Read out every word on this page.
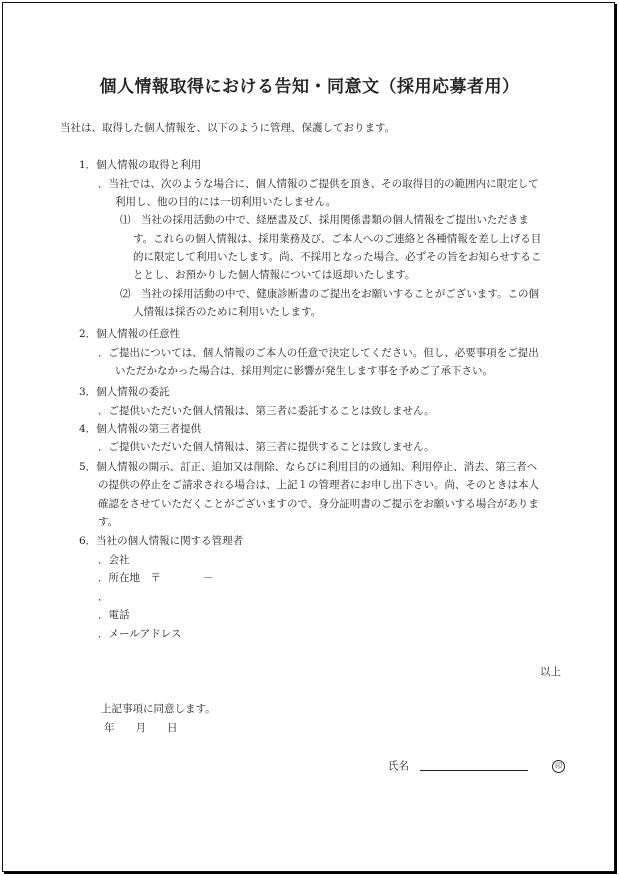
個人情報取得における告知・同意文（採用応募者用）
当社は、取得した個人情報を、以下のように管理、保護しております。
1．個人情報の取得と利用
．当社では、次のような場合に、個人情報のご提供を頂き、その取得目的の範囲内に限定して
利用し、他の目的には一切利用いたしません。
⑴　当社の採用活動の中で、経歴書及び、採用関係書類の個人情報をご提出いただきま
す。これらの個人情報は、採用業務及び、ご本人へのご連絡と各種情報を差し上げる目
的に限定して利用いたします。尚、不採用となった場合、必ずその旨をお知らせするこ
ととし、お預かりした個人情報については返却いたします。
⑵　当社の採用活動の中で、健康診断書のご提出をお願いすることがございます。この個
人情報は採否のために利用いたします。
2．個人情報の任意性
．ご提出については、個人情報のご本人の任意で決定してください。但し、必要事項をご提出
いただかなかった場合は、採用判定に影響が発生します事を予めご了承下さい。
3．個人情報の委託
．ご提供いただいた個人情報は、第三者に委託することは致しません。
4．個人情報の第三者提供
．ご提供いただいた個人情報は、第三者に提供することは致しません。
5．個人情報の開示、訂正、追加又は削除、ならびに利用目的の通知、利用停止、消去、第三者へ
の提供の停止をご請求される場合は、上記１の管理者にお申し出下さい。尚、そのときは本人
確認をさせていただくことがございますので、身分証明書のご提示をお願いする場合がありま
す。
6．当社の個人情報に関する管理者
．会社
．所在地　〒　　　　－
．
．電話
．メールアドレス
以上
上記事項に同意します。
年　　月　　日
氏名	印
